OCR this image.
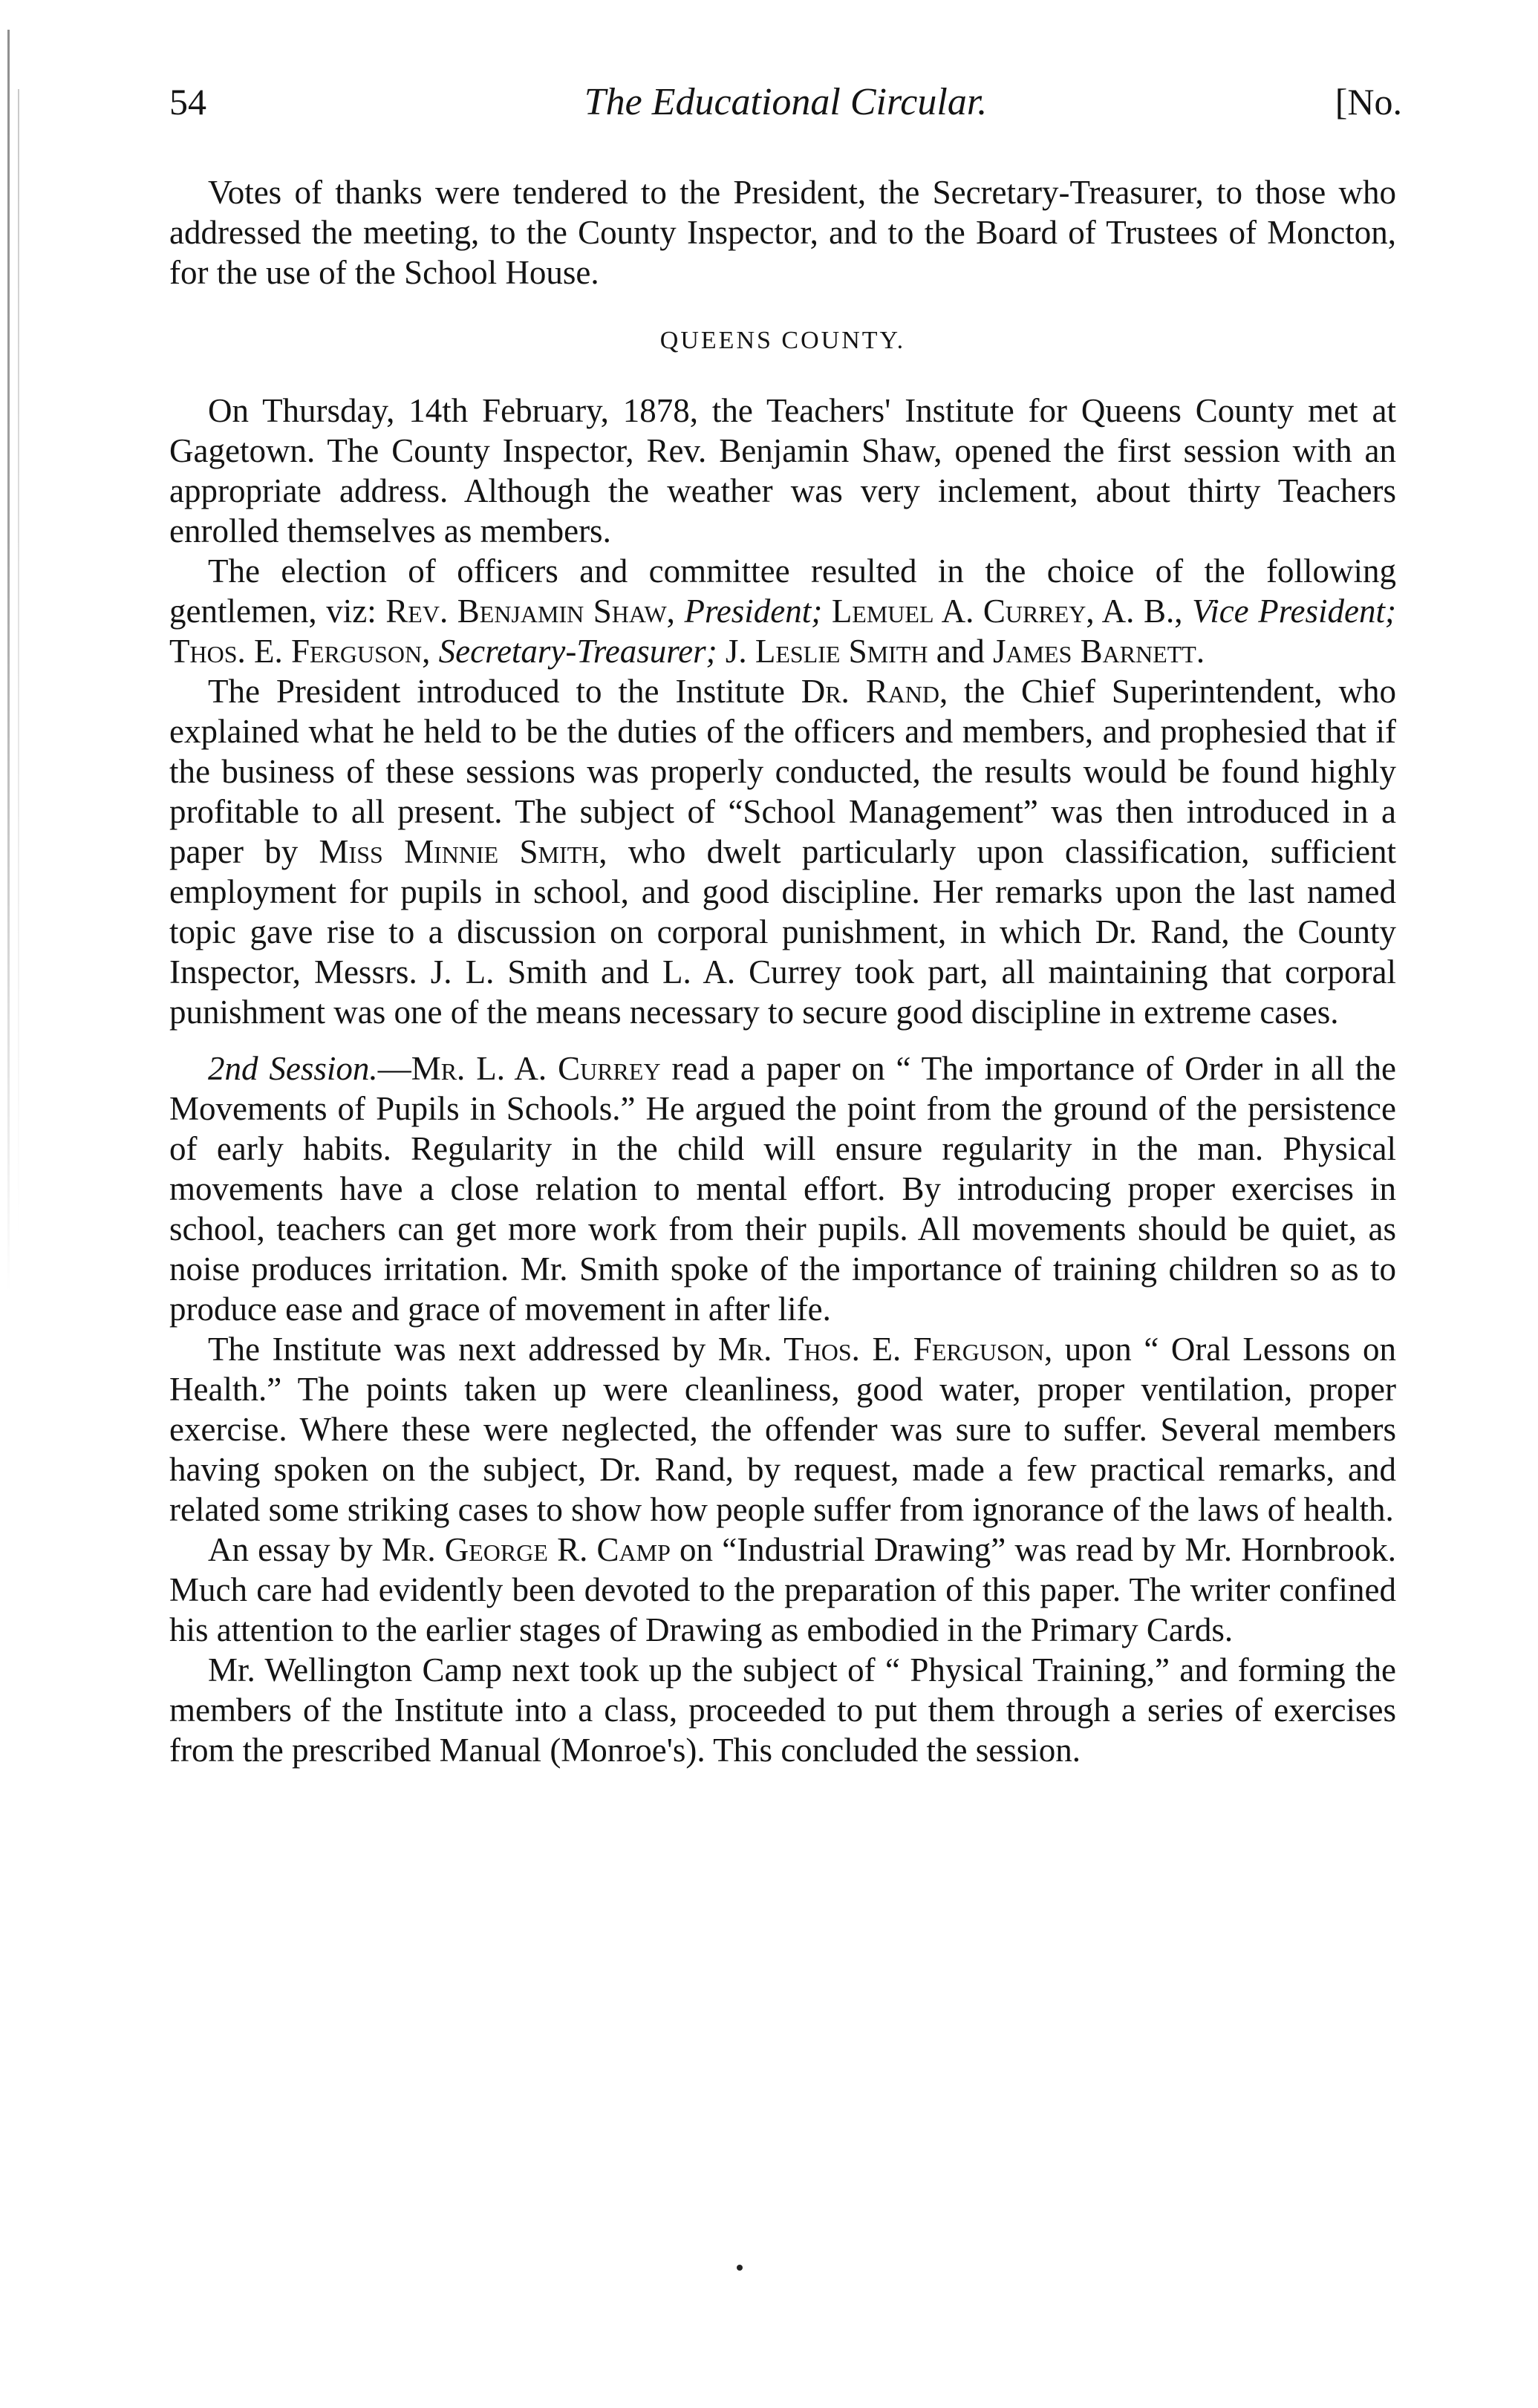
54	The Educational Circular.	[No.

Votes of thanks were tendered to the President, the Secretary-Treasurer, to those who addressed the meeting, to the County Inspector, and to the Board of Trustees of Moncton, for the use of the School House.

QUEENS COUNTY.

On Thursday, 14th February, 1878, the Teachers' Institute for Queens County met at Gagetown. The County Inspector, Rev. Benjamin Shaw, opened the first session with an appropriate address. Although the weather was very inclement, about thirty Teachers enrolled themselves as members.

The election of officers and committee resulted in the choice of the following gentlemen, viz: Rev. Benjamin Shaw, President; Lemuel A. Currey, A. B., Vice President; Thos. E. Ferguson, Secretary-Treasurer; J. Leslie Smith and James Barnett.

The President introduced to the Institute Dr. Rand, the Chief Superintendent, who explained what he held to be the duties of the officers and members, and prophesied that if the business of these sessions was properly conducted, the results would be found highly profitable to all present. The subject of “School Management” was then introduced in a paper by Miss Minnie Smith, who dwelt particularly upon classification, sufficient employment for pupils in school, and good discipline. Her remarks upon the last named topic gave rise to a discussion on corporal punishment, in which Dr. Rand, the County Inspector, Messrs. J. L. Smith and L. A. Currey took part, all maintaining that corporal punishment was one of the means necessary to secure good discipline in extreme cases.

2nd Session.—Mr. L. A. Currey read a paper on “ The importance of Order in all the Movements of Pupils in Schools.” He argued the point from the ground of the persistence of early habits. Regularity in the child will ensure regularity in the man. Physical movements have a close relation to mental effort. By introducing proper exercises in school, teachers can get more work from their pupils. All movements should be quiet, as noise produces irritation. Mr. Smith spoke of the importance of training children so as to produce ease and grace of movement in after life.

The Institute was next addressed by Mr. Thos. E. Ferguson, upon “ Oral Lessons on Health.” The points taken up were cleanliness, good water, proper ventilation, proper exercise. Where these were neglected, the offender was sure to suffer. Several members having spoken on the subject, Dr. Rand, by request, made a few practical remarks, and related some striking cases to show how people suffer from ignorance of the laws of health.

An essay by Mr. George R. Camp on “Industrial Drawing” was read by Mr. Hornbrook. Much care had evidently been devoted to the preparation of this paper. The writer confined his attention to the earlier stages of Drawing as embodied in the Primary Cards.

Mr. Wellington Camp next took up the subject of “ Physical Training,” and forming the members of the Institute into a class, proceeded to put them through a series of exercises from the prescribed Manual (Monroe's). This concluded the session.
